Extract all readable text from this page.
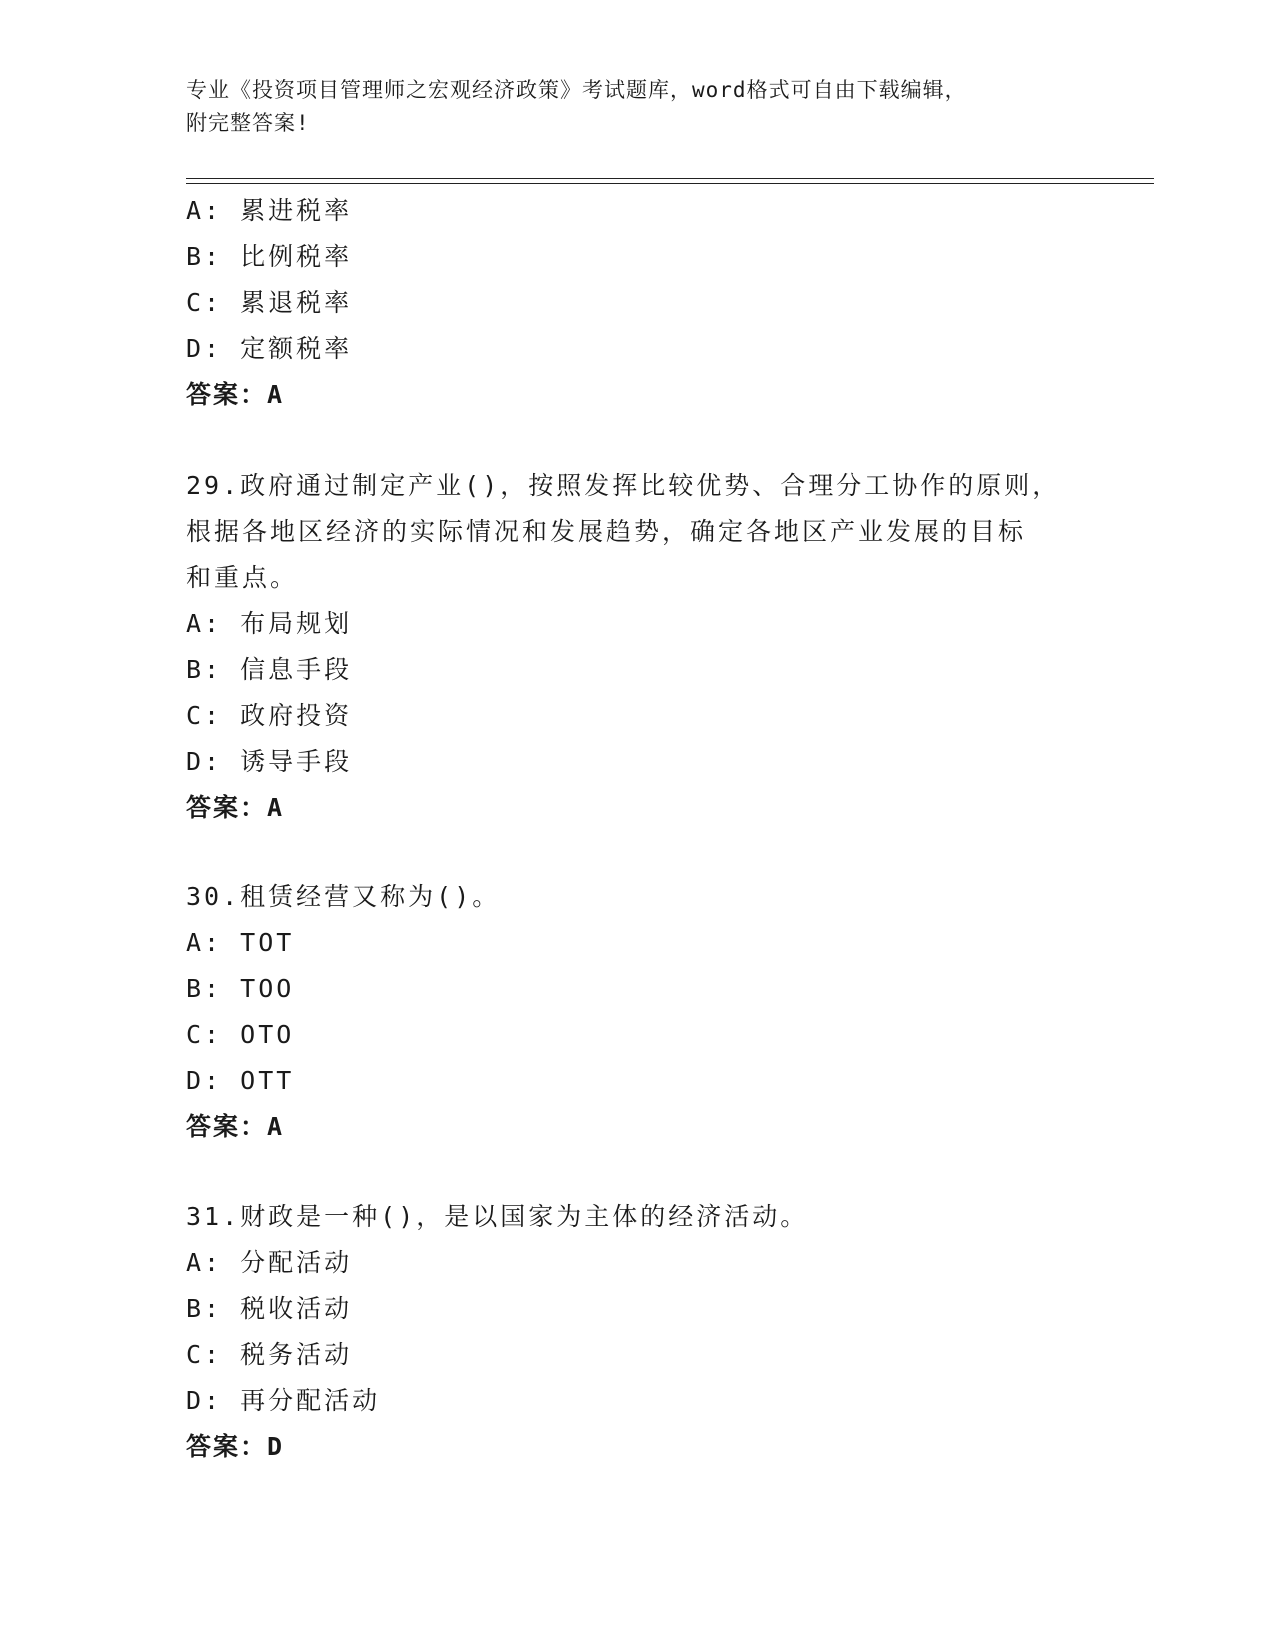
专业《投资项目管理师之宏观经济政策》考试题库，word格式可自由下载编辑，
附完整答案!
A: 累进税率
B: 比例税率
C: 累退税率
D: 定额税率
答案：A
29.政府通过制定产业()，按照发挥比较优势、合理分工协作的原则，
根据各地区经济的实际情况和发展趋势，确定各地区产业发展的目标
和重点。
A: 布局规划
B: 信息手段
C: 政府投资
D: 诱导手段
答案：A
30.租赁经营又称为()。
A: TOT
B: TOO
C: OTO
D: OTT
答案：A
31.财政是一种()，是以国家为主体的经济活动。
A: 分配活动
B: 税收活动
C: 税务活动
D: 再分配活动
答案：D
